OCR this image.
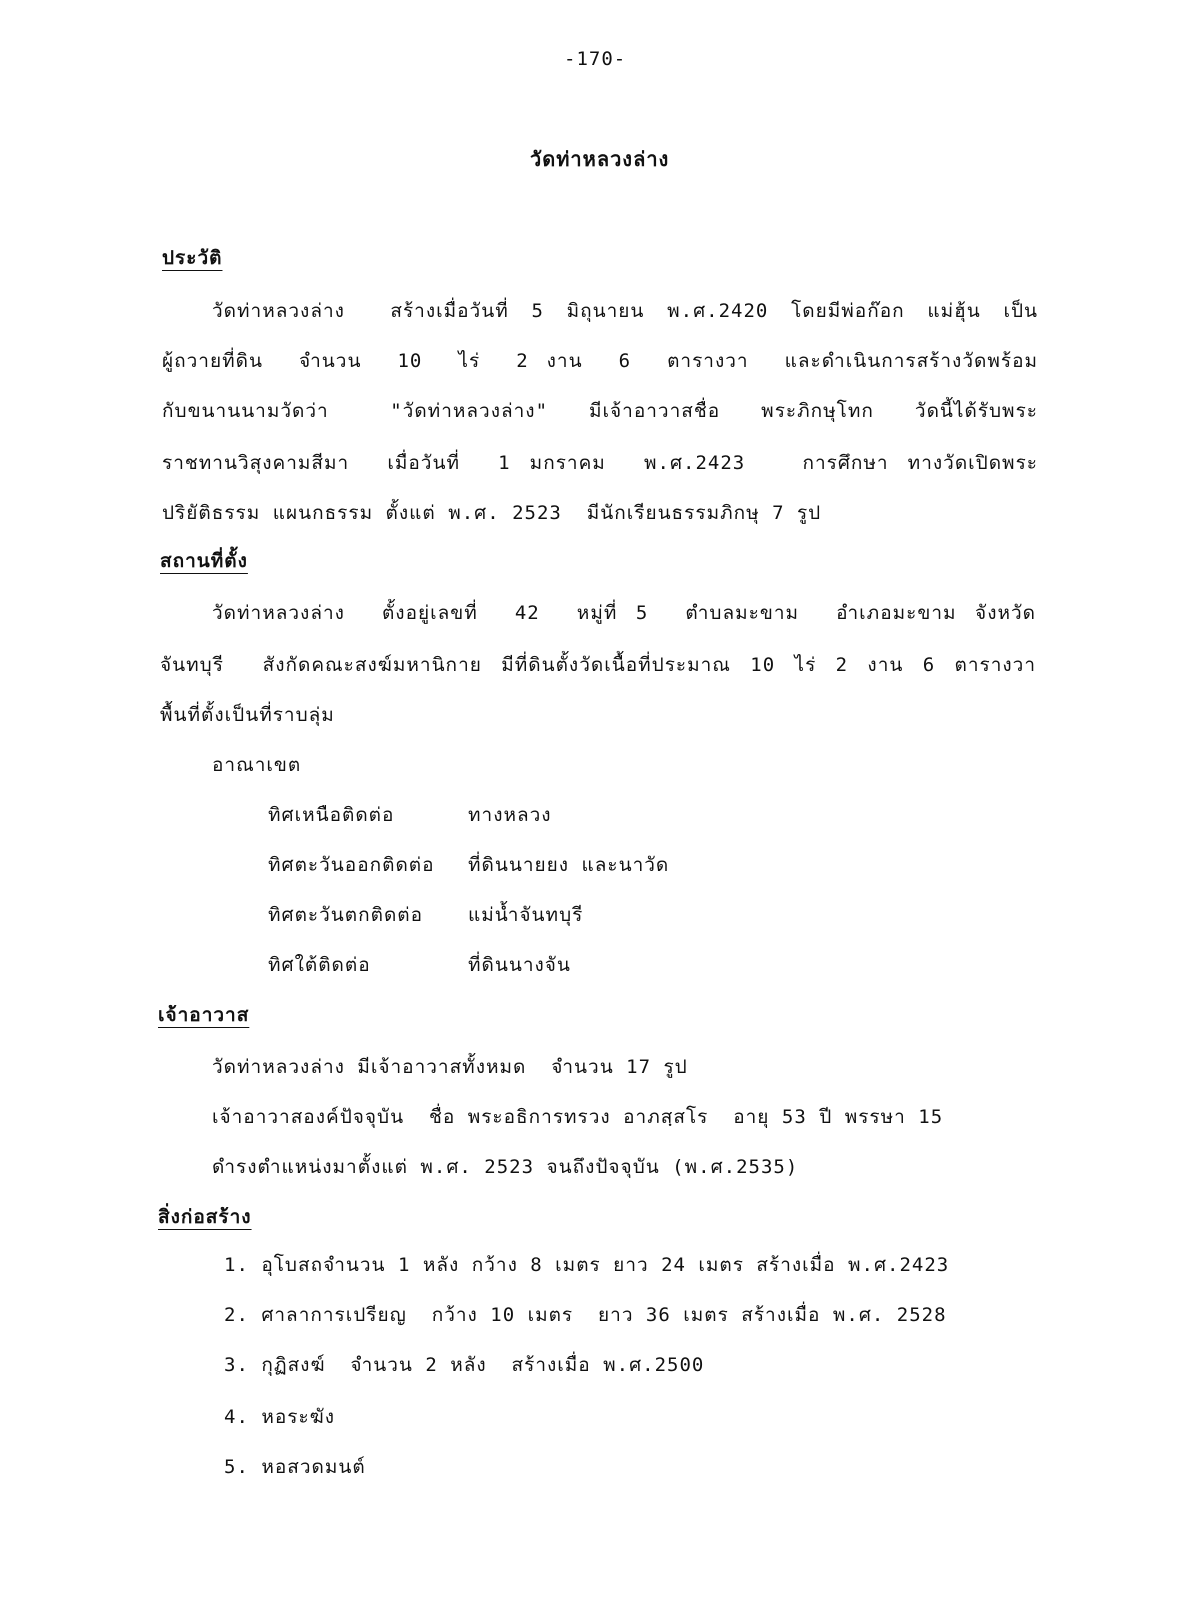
-170-
วัดท่าหลวงล่าง
ประวัติ
วัดท่าหลวงล่าง  สร้างเมื่อวันที่ 5 มิถุนายน พ.ศ.2420 โดยมีพ่อก๊อก แม่ฮุ้น เป็น
ผู้ถวายที่ดิน  จำนวน  10  ไร่  2 งาน  6  ตารางวา  และดำเนินการสร้างวัดพร้อม
กับขนานนามวัดว่า   "วัดท่าหลวงล่าง"  มีเจ้าอาวาสชื่อ  พระภิกษุโทก  วัดนี้ได้รับพระ
ราชทานวิสุงคามสีมา  เมื่อวันที่  1 มกราคม  พ.ศ.2423   การศึกษา ทางวัดเปิดพระ
ปริยัติธรรม แผนกธรรม ตั้งแต่ พ.ศ. 2523  มีนักเรียนธรรมภิกษุ 7 รูป
สถานที่ตั้ง
วัดท่าหลวงล่าง  ตั้งอยู่เลขที่  42  หมู่ที่ 5  ตำบลมะขาม  อำเภอมะขาม จังหวัด
จันทบุรี  สังกัดคณะสงฆ์มหานิกาย มีที่ดินตั้งวัดเนื้อที่ประมาณ 10 ไร่ 2 งาน 6 ตารางวา
พื้นที่ตั้งเป็นที่ราบลุ่ม
อาณาเขต
ทิศเหนือติดต่อ	ทางหลวง
ทิศตะวันออกติดต่อ ที่ดินนายยง และนาวัด
ทิศตะวันตกติดต่อ แม่น้ำจันทบุรี
ทิศใต้ติดต่อ	ที่ดินนางจัน
เจ้าอาวาส
วัดท่าหลวงล่าง มีเจ้าอาวาสทั้งหมด  จำนวน 17 รูป
เจ้าอาวาสองค์ปัจจุบัน  ชื่อ พระอธิการทรวง อาภสฺสโร  อายุ 53 ปี พรรษา 15
ดำรงตำแหน่งมาตั้งแต่ พ.ศ. 2523 จนถึงปัจจุบัน (พ.ศ.2535)
สิ่งก่อสร้าง
1. อุโบสถจำนวน 1 หลัง กว้าง 8 เมตร ยาว 24 เมตร สร้างเมื่อ พ.ศ.2423
2. ศาลาการเปรียญ  กว้าง 10 เมตร  ยาว 36 เมตร สร้างเมื่อ พ.ศ. 2528
3. กุฏิสงฆ์  จำนวน 2 หลัง  สร้างเมื่อ พ.ศ.2500
4. หอระฆัง
5. หอสวดมนต์
